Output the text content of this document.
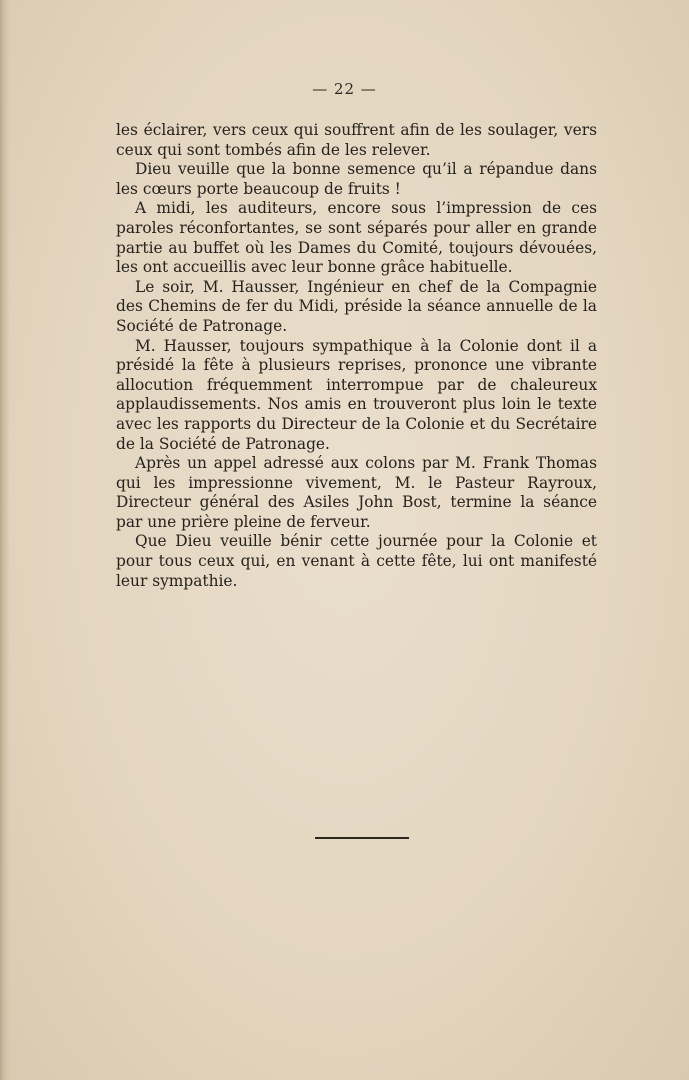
— 22 —

les éclairer, vers ceux qui souffrent afin de les soulager, vers ceux qui sont tombés afin de les relever.

Dieu veuille que la bonne semence qu’il a répandue dans les cœurs porte beaucoup de fruits !

A midi, les auditeurs, encore sous l’impression de ces paroles réconfortantes, se sont séparés pour aller en grande partie au buffet où les Dames du Comité, toujours dévouées, les ont accueillis avec leur bonne grâce habituelle.

Le soir, M. Hausser, Ingénieur en chef de la Compagnie des Chemins de fer du Midi, préside la séance annuelle de la Société de Patronage.

M. Hausser, toujours sympathique à la Colonie dont il a présidé la fête à plusieurs reprises, prononce une vibrante allocution fréquemment interrompue par de chaleureux applaudissements. Nos amis en trouveront plus loin le texte avec les rapports du Directeur de la Colonie et du Secrétaire de la Société de Patronage.

Après un appel adressé aux colons par M. Frank Thomas qui les impressionne vivement, M. le Pasteur Rayroux, Directeur général des Asiles John Bost, termine la séance par une prière pleine de ferveur.

Que Dieu veuille bénir cette journée pour la Colonie et pour tous ceux qui, en venant à cette fête, lui ont manifesté leur sympathie.
